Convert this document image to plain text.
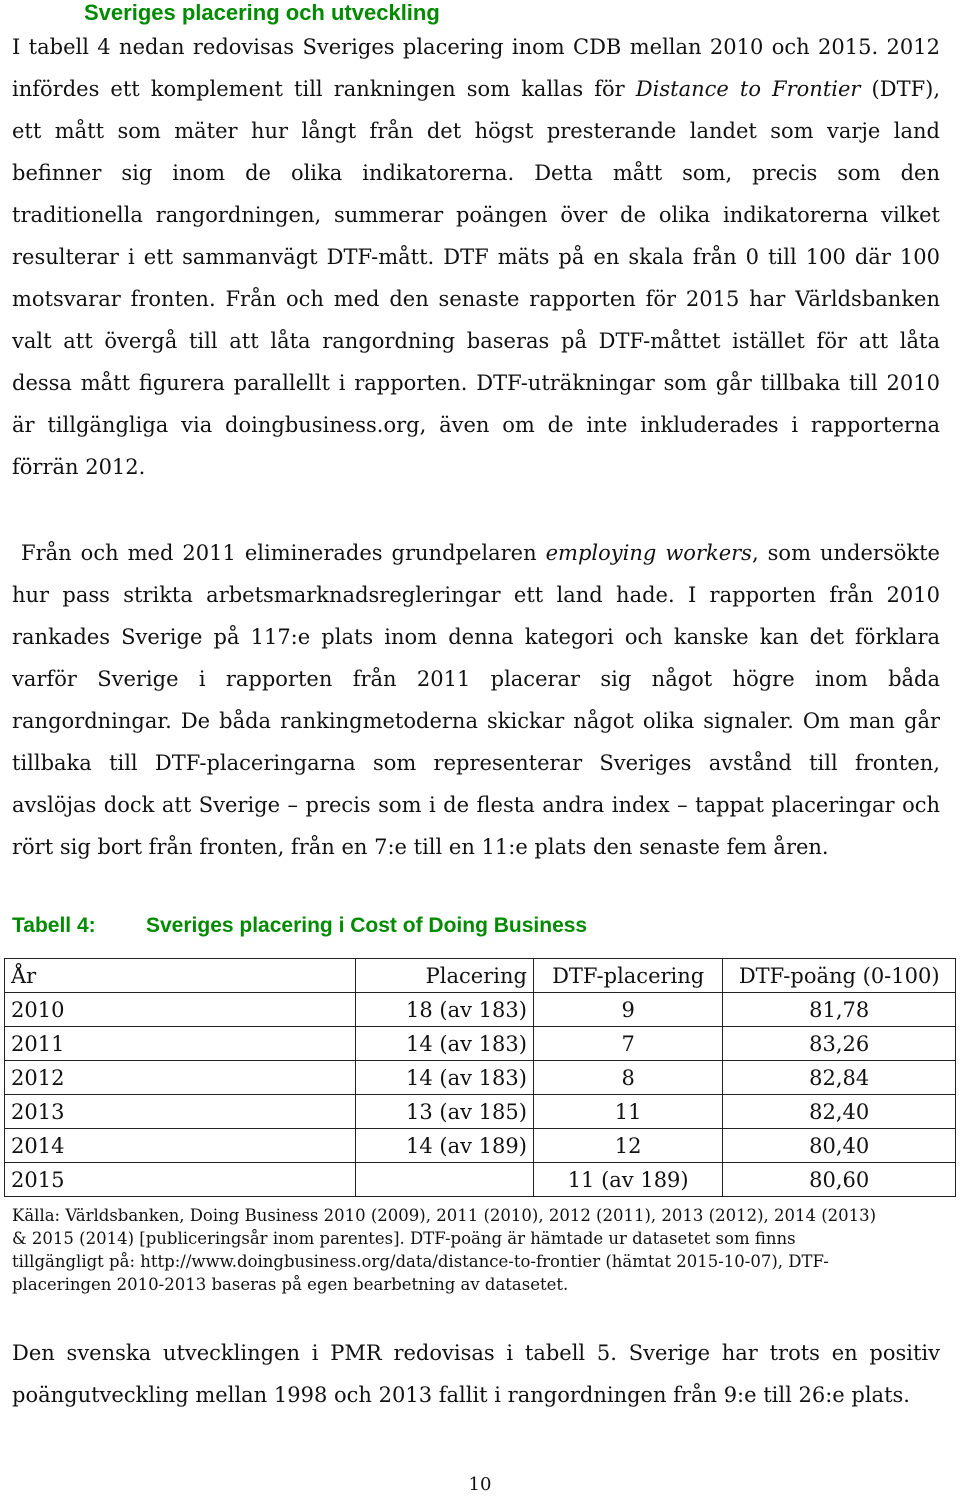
Sveriges placering och utveckling
I tabell 4 nedan redovisas Sveriges placering inom CDB mellan 2010 och 2015. 2012
infördes ett komplement till rankningen som kallas för Distance to Frontier (DTF),
ett mått som mäter hur långt från det högst presterande landet som varje land
befinner sig inom de olika indikatorerna. Detta mått som, precis som den
traditionella rangordningen, summerar poängen över de olika indikatorerna vilket
resulterar i ett sammanvägt DTF-mått. DTF mäts på en skala från 0 till 100 där 100
motsvarar fronten. Från och med den senaste rapporten för 2015 har Världsbanken
valt att övergå till att låta rangordning baseras på DTF-måttet istället för att låta
dessa mått figurera parallellt i rapporten. DTF-uträkningar som går tillbaka till 2010
är tillgängliga via doingbusiness.org, även om de inte inkluderades i rapporterna
förrän 2012.
Från och med 2011 eliminerades grundpelaren employing workers, som undersökte
hur pass strikta arbetsmarknadsregleringar ett land hade. I rapporten från 2010
rankades Sverige på 117:e plats inom denna kategori och kanske kan det förklara
varför Sverige i rapporten från 2011 placerar sig något högre inom båda
rangordningar. De båda rankingmetoderna skickar något olika signaler. Om man går
tillbaka till DTF-placeringarna som representerar Sveriges avstånd till fronten,
avslöjas dock att Sverige – precis som i de flesta andra index – tappat placeringar och
rört sig bort från fronten, från en 7:e till en 11:e plats den senaste fem åren.
Tabell 4: Sveriges placering i Cost of Doing Business
År	Placering	DTF-placering	DTF-poäng (0-100)
2010	18 (av 183)	9	81,78
2011	14 (av 183)	7	83,26
2012	14 (av 183)	8	82,84
2013	13 (av 185)	11	82,40
2014	14 (av 189)	12	80,40
2015		11 (av 189)	80,60
Källa: Världsbanken, Doing Business 2010 (2009), 2011 (2010), 2012 (2011), 2013 (2012), 2014 (2013)
& 2015 (2014) [publiceringsår inom parentes]. DTF-poäng är hämtade ur datasetet som finns
tillgängligt på: http://www.doingbusiness.org/data/distance-to-frontier (hämtat 2015-10-07), DTF-
placeringen 2010-2013 baseras på egen bearbetning av datasetet.
Den svenska utvecklingen i PMR redovisas i tabell 5. Sverige har trots en positiv
poängutveckling mellan 1998 och 2013 fallit i rangordningen från 9:e till 26:e plats.
10
